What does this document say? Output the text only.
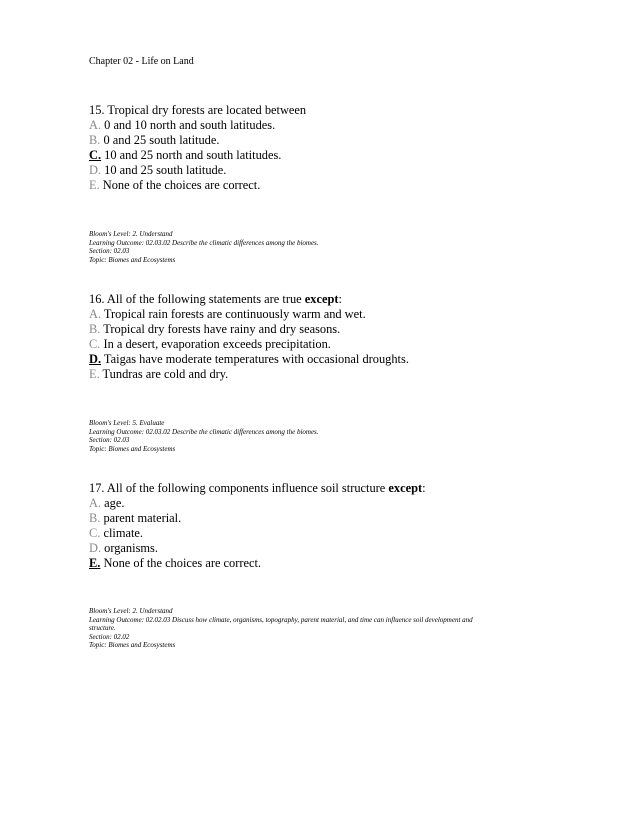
Chapter 02 - Life on Land
15. Tropical dry forests are located between
A. 0 and 10 north and south latitudes.
B. 0 and 25 south latitude.
C. 10 and 25 north and south latitudes.
D. 10 and 25 south latitude.
E. None of the choices are correct.
Bloom's Level: 2. Understand
Learning Outcome: 02.03.02 Describe the climatic differences among the biomes.
Section: 02.03
Topic: Biomes and Ecosystems
16. All of the following statements are true except:
A. Tropical rain forests are continuously warm and wet.
B. Tropical dry forests have rainy and dry seasons.
C. In a desert, evaporation exceeds precipitation.
D. Taigas have moderate temperatures with occasional droughts.
E. Tundras are cold and dry.
Bloom's Level: 5. Evaluate
Learning Outcome: 02.03.02 Describe the climatic differences among the biomes.
Section: 02.03
Topic: Biomes and Ecosystems
17. All of the following components influence soil structure except:
A. age.
B. parent material.
C. climate.
D. organisms.
E. None of the choices are correct.
Bloom's Level: 2. Understand
Learning Outcome: 02.02.03 Discuss how climate, organisms, topography, parent material, and time can influence soil development and
structure.
Section: 02.02
Topic: Biomes and Ecosystems
